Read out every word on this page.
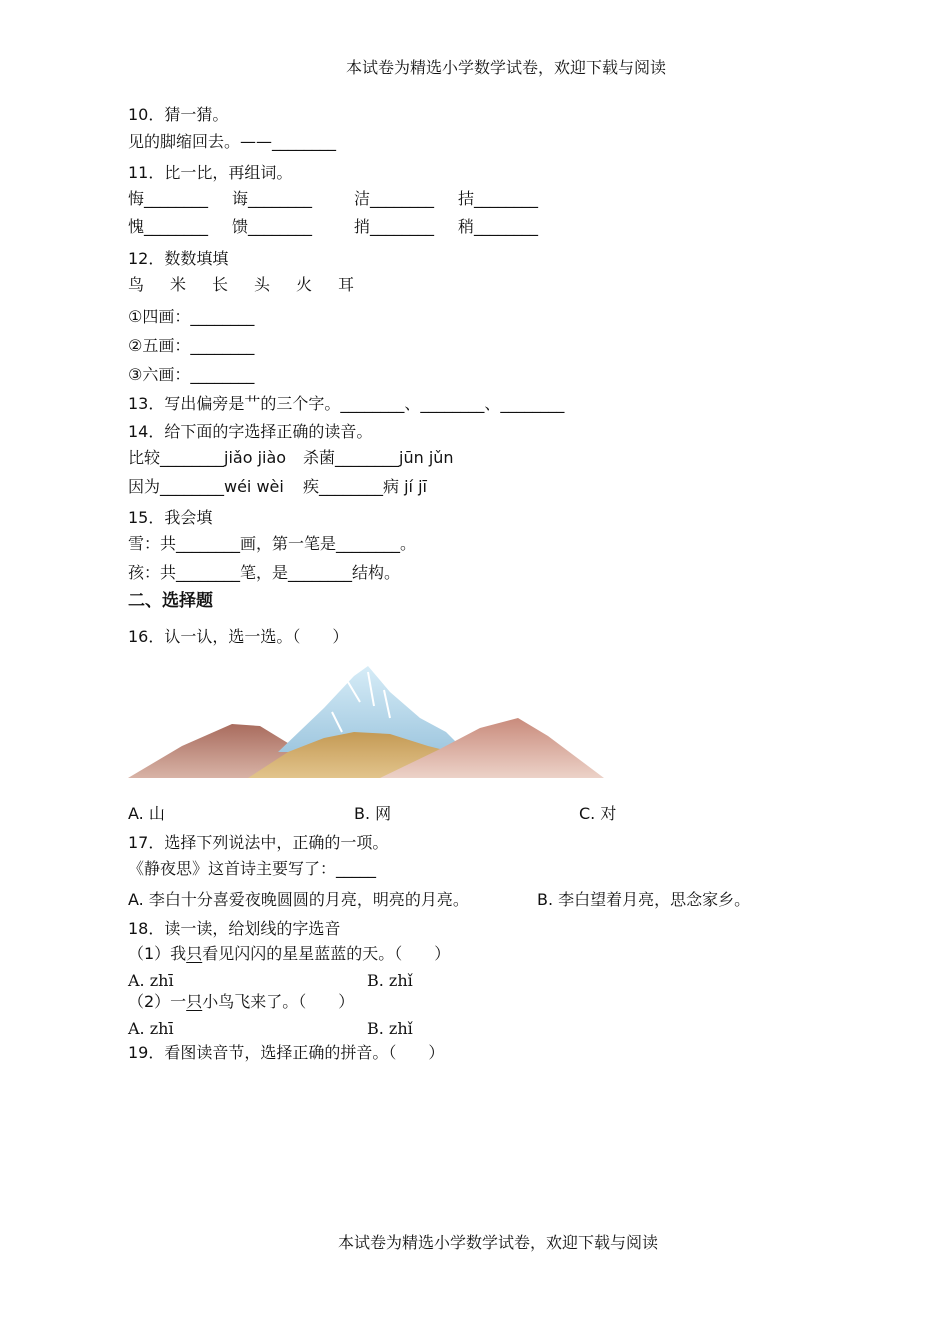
本试卷为精选小学数学试卷，欢迎下载与阅读
10．猜一猜。
见的脚缩回去。——________
11．比一比，再组词。
悔________ 诲________	洁________ 拮________
愧________ 馈________	捎________ 稍________
12．数数填填
鸟 米 长 头 火 耳
①四画：________
②五画：________
③六画：________
13．写出偏旁是艹的三个字。________、________、________
14．给下面的字选择正确的读音。
比较________jiǎo jiào 杀菌________jūn jǔn
因为________wéi wèi 疾________病 jí jī
15．我会填
雪：共________画，第一笔是________。
孩：共________笔，是________结构。
二、选择题
16．认一认，选一选。（　　）
A. 山	B. 网	C. 对
17．选择下列说法中，正确的一项。
《静夜思》这首诗主要写了：_____
A. 李白十分喜爱夜晚圆圆的月亮，明亮的月亮。	B. 李白望着月亮，思念家乡。
18．读一读，给划线的字选音
（1）我只看见闪闪的星星蓝蓝的天。（　　）
A. zhī	B. zhǐ
（2）一只小鸟飞来了。（　　）
A. zhī	B. zhǐ
19．看图读音节，选择正确的拼音。（　　）
本试卷为精选小学数学试卷，欢迎下载与阅读
